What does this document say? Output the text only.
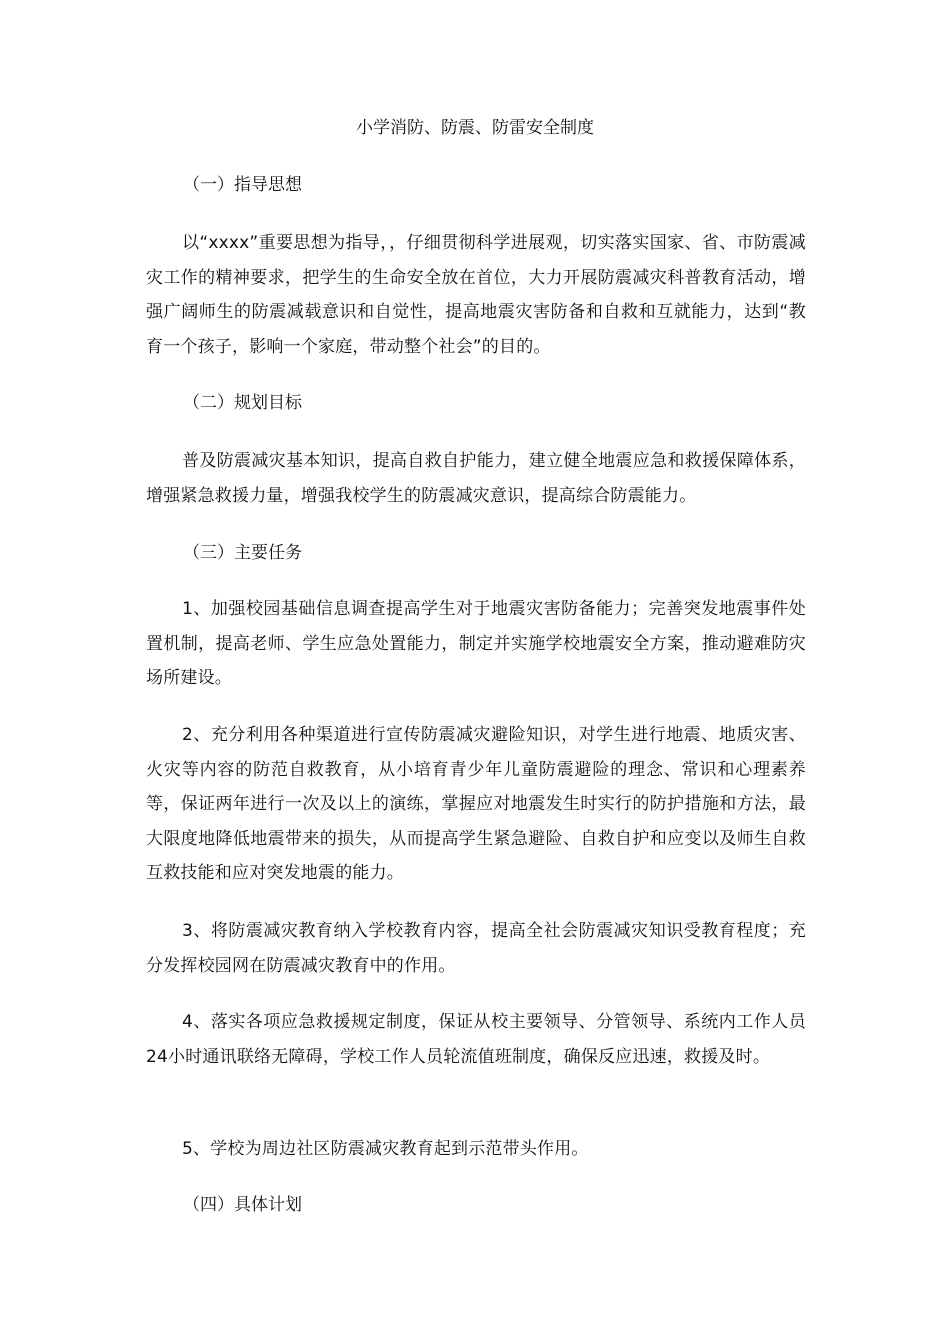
小学消防、防震、防雷安全制度
（一）指导思想
以“xxxx”重要思想为指导，，仔细贯彻科学进展观，切实落实国家、省、市防震减灾工作的精神要求，把学生的生命安全放在首位，大力开展防震减灾科普教育活动，增强广阔师生的防震减载意识和自觉性，提高地震灾害防备和自救和互就能力，达到“教育一个孩子，影响一个家庭，带动整个社会”的目的。
（二）规划目标
普及防震减灾基本知识，提高自救自护能力，建立健全地震应急和救援保障体系，增强紧急救援力量，增强我校学生的防震减灾意识，提高综合防震能力。
（三）主要任务
1、加强校园基础信息调查提高学生对于地震灾害防备能力；完善突发地震事件处置机制，提高老师、学生应急处置能力，制定并实施学校地震安全方案，推动避难防灾场所建设。
2、充分利用各种渠道进行宣传防震减灾避险知识，对学生进行地震、地质灾害、火灾等内容的防范自救教育，从小培育青少年儿童防震避险的理念、常识和心理素养等，保证两年进行一次及以上的演练，掌握应对地震发生时实行的防护措施和方法，最大限度地降低地震带来的损失，从而提高学生紧急避险、自救自护和应变以及师生自救互救技能和应对突发地震的能力。
3、将防震减灾教育纳入学校教育内容，提高全社会防震减灾知识受教育程度；充分发挥校园网在防震减灾教育中的作用。
4、落实各项应急救援规定制度，保证从校主要领导、分管领导、系统内工作人员24小时通讯联络无障碍，学校工作人员轮流值班制度，确保反应迅速，救援及时。
5、学校为周边社区防震减灾教育起到示范带头作用。
（四）具体计划
